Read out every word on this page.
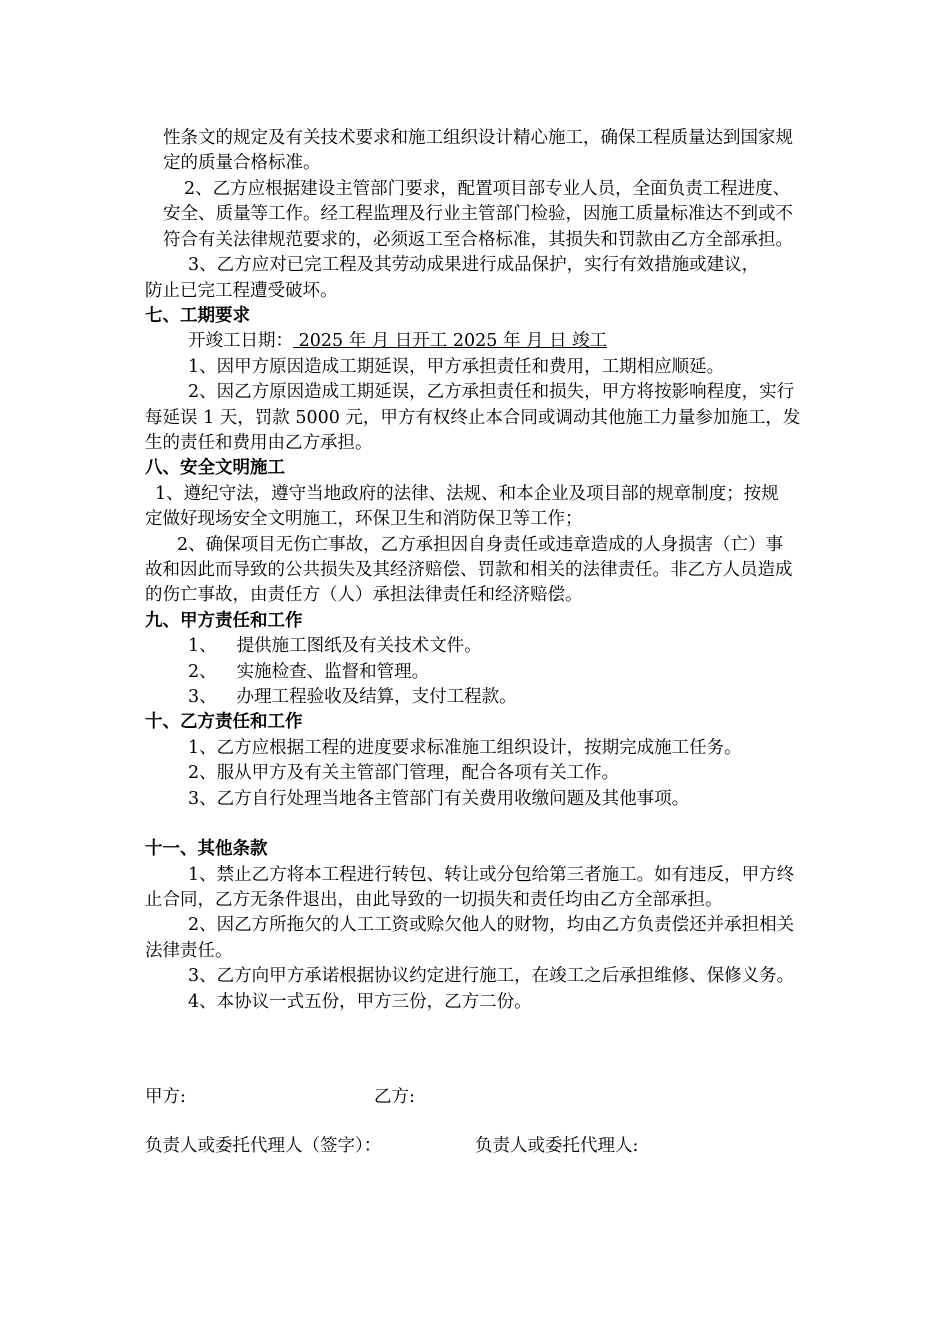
性条文的规定及有关技术要求和施工组织设计精心施工，确保工程质量达到国家规
定的质量合格标准。
2、乙方应根据建设主管部门要求，配置项目部专业人员，全面负责工程进度、
安全、质量等工作。经工程监理及行业主管部门检验，因施工质量标准达不到或不
符合有关法律规范要求的，必须返工至合格标准，其损失和罚款由乙方全部承担。
3、乙方应对已完工程及其劳动成果进行成品保护，实行有效措施或建议，
防止已完工程遭受破坏。
七、工期要求
开竣工日期： 2025 年 月 日开工 2025 年 月 日 竣工
1、因甲方原因造成工期延误，甲方承担责任和费用，工期相应顺延。
2、因乙方原因造成工期延误，乙方承担责任和损失，甲方将按影响程度，实行
每延误 1 天，罚款 5000 元，甲方有权终止本合同或调动其他施工力量参加施工，发
生的责任和费用由乙方承担。
八、安全文明施工
1、遵纪守法，遵守当地政府的法律、法规、和本企业及项目部的规章制度；按规
定做好现场安全文明施工，环保卫生和消防保卫等工作；
2、确保项目无伤亡事故，乙方承担因自身责任或违章造成的人身损害（亡）事
故和因此而导致的公共损失及其经济赔偿、罚款和相关的法律责任。非乙方人员造成
的伤亡事故，由责任方（人）承担法律责任和经济赔偿。
九、甲方责任和工作
1、 提供施工图纸及有关技术文件。
2、 实施检查、监督和管理。
3、 办理工程验收及结算，支付工程款。
十、乙方责任和工作
1、乙方应根据工程的进度要求标准施工组织设计，按期完成施工任务。
2、服从甲方及有关主管部门管理，配合各项有关工作。
3、乙方自行处理当地各主管部门有关费用收缴问题及其他事项。
十一、其他条款
1、禁止乙方将本工程进行转包、转让或分包给第三者施工。如有违反，甲方终
止合同，乙方无条件退出，由此导致的一切损失和责任均由乙方全部承担。
2、因乙方所拖欠的人工工资或赊欠他人的财物，均由乙方负责偿还并承担相关
法律责任。
3、乙方向甲方承诺根据协议约定进行施工，在竣工之后承担维修、保修义务。
4、本协议一式五份，甲方三份，乙方二份。
甲方:	乙方:
负责人或委托代理人（签字）：	负责人或委托代理人:
